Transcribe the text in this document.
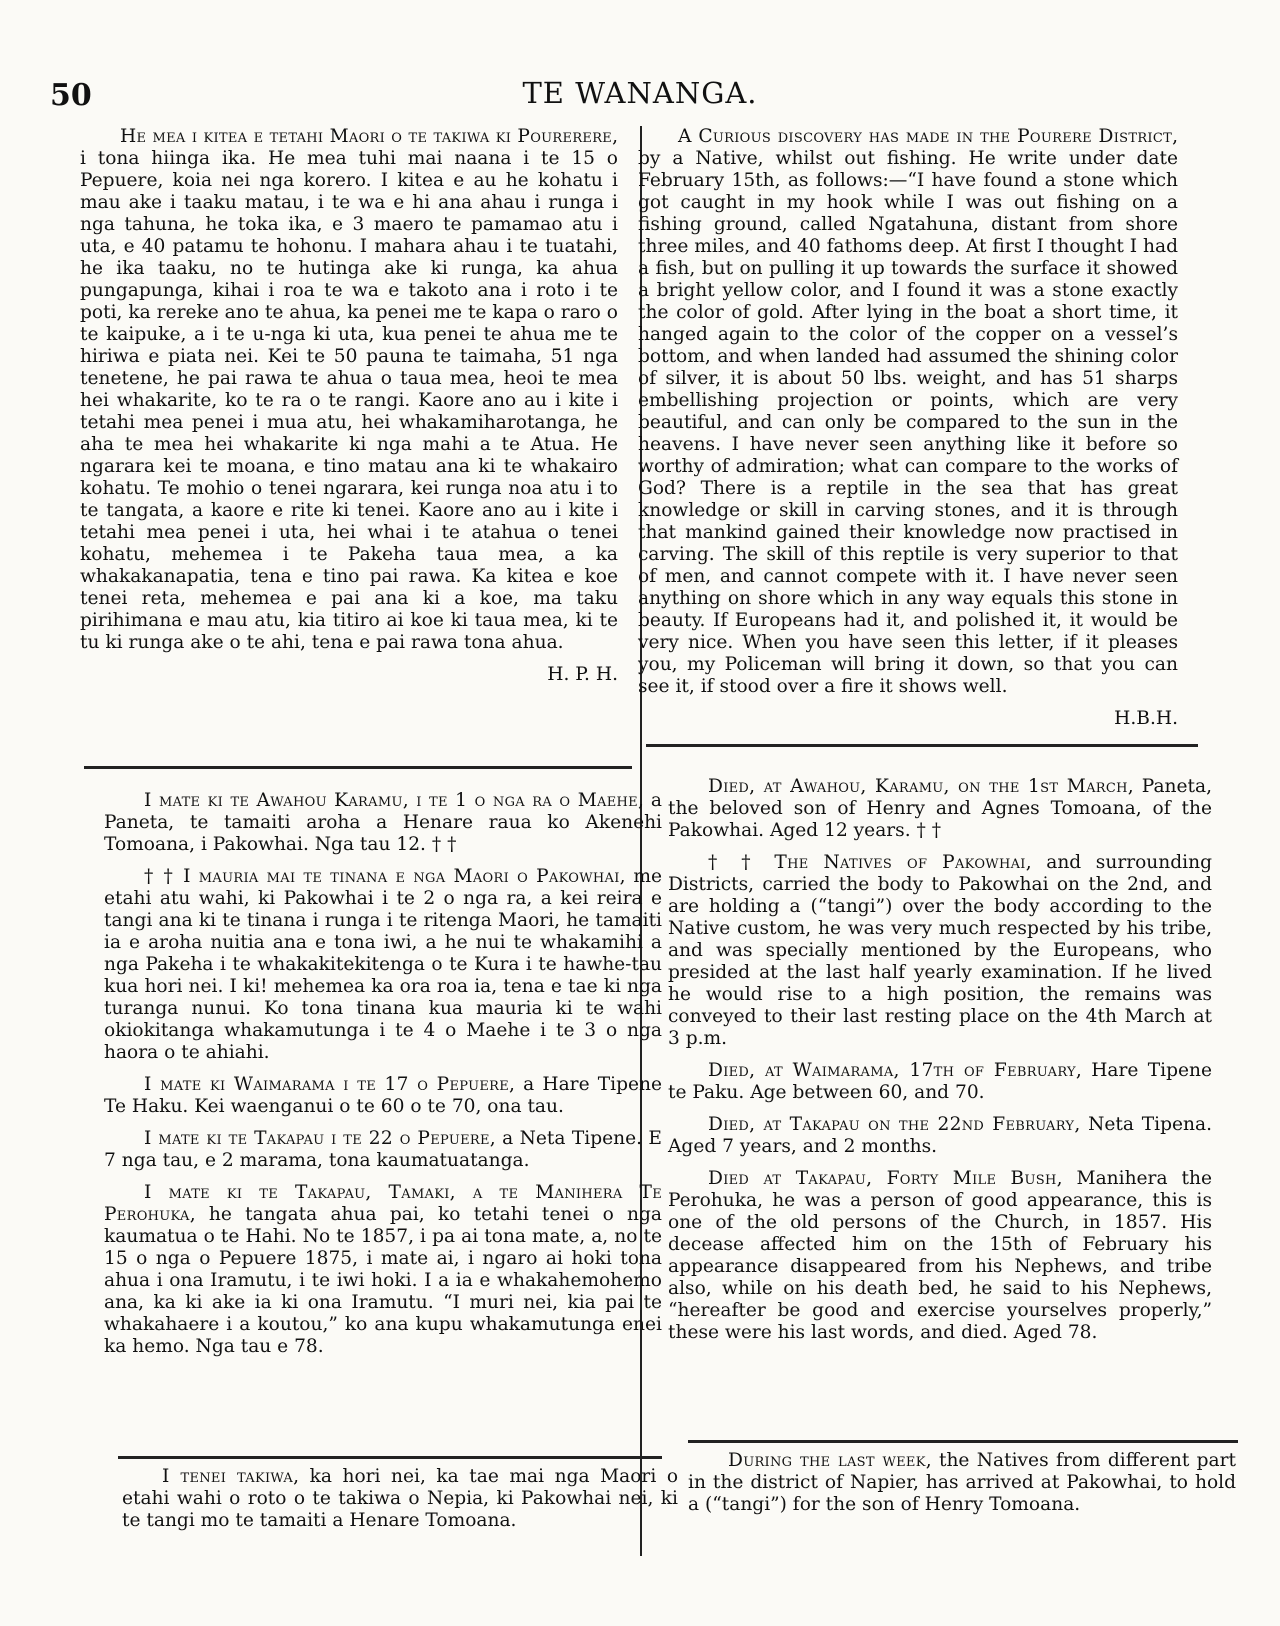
50	TE WANANGA.

He mea i kitea e tetahi Maori o te takiwa ki Pourerere, i tona hiinga ika. He mea tuhi mai naana i te 15 o Pepuere, koia nei nga korero. I kitea e au he kohatu i mau ake i taaku matau, i te wa e hi ana ahau i runga i nga tahuna, he toka ika, e 3 maero te pamamao atu i uta, e 40 patamu te hohonu. I mahara ahau i te tuatahi, he ika taaku, no te hutinga ake ki runga, ka ahua pungapunga, kihai i roa te wa e takoto ana i roto i te poti, ka rereke ano te ahua, ka penei me te kapa o raro o te kaipuke, a i te u-nga ki uta, kua penei te ahua me te hiriwa e piata nei. Kei te 50 pauna te taimaha, 51 nga tenetene, he pai rawa te ahua o taua mea, heoi te mea hei whakarite, ko te ra o te rangi. Kaore ano au i kite i tetahi mea penei i mua atu, hei whakamiharotanga, he aha te mea hei whakarite ki nga mahi a te Atua. He ngarara kei te moana, e tino matau ana ki te whakairo kohatu. Te mohio o tenei ngarara, kei runga noa atu i to te tangata, a kaore e rite ki tenei. Kaore ano au i kite i tetahi mea penei i uta, hei whai i te atahua o tenei kohatu, mehemea i te Pakeha taua mea, a ka whakakanapatia, tena e tino pai rawa. Ka kitea e koe tenei reta, mehemea e pai ana ki a koe, ma taku pirihimana e mau atu, kia titiro ai koe ki taua mea, ki te tu ki runga ake o te ahi, tena e pai rawa tona ahua.

H. P. H.

A Curious discovery has made in the Pourere District, by a Native, whilst out fishing. He write under date February 15th, as follows:—“I have found a stone which got caught in my hook while I was out fishing on a fishing ground, called Ngatahuna, distant from shore three miles, and 40 fathoms deep. At first I thought I had a fish, but on pulling it up towards the surface it showed a bright yellow color, and I found it was a stone exactly the color of gold. After lying in the boat a short time, it hanged again to the color of the copper on a vessel’s bottom, and when landed had assumed the shining color of silver, it is about 50 lbs. weight, and has 51 sharps embellishing projection or points, which are very beautiful, and can only be compared to the sun in the heavens. I have never seen anything like it before so worthy of admiration; what can compare to the works of God? There is a reptile in the sea that has great knowledge or skill in carving stones, and it is through that mankind gained their knowledge now practised in carving. The skill of this reptile is very superior to that of men, and cannot compete with it. I have never seen anything on shore which in any way equals this stone in beauty. If Europeans had it, and polished it, it would be very nice. When you have seen this letter, if it pleases you, my Policeman will bring it down, so that you can see it, if stood over a fire it shows well.

H.B.H.

I mate ki te Awahou Karamu, i te 1 o nga ra o Maehe, a Paneta, te tamaiti aroha a Henare raua ko Akenehi Tomoana, i Pakowhai. Nga tau 12. † †

† † I mauria mai te tinana e nga Maori o Pakowhai, me etahi atu wahi, ki Pakowhai i te 2 o nga ra, a kei reira e tangi ana ki te tinana i runga i te ritenga Maori, he tamaiti ia e aroha nuitia ana e tona iwi, a he nui te whakamihi a nga Pakeha i te whakakitekitenga o te Kura i te hawhe-tau kua hori nei. I ki! mehemea ka ora roa ia, tena e tae ki nga turanga nunui. Ko tona tinana kua mauria ki te wahi okiokitanga whakamutunga i te 4 o Maehe i te 3 o nga haora o te ahiahi.

I mate ki Waimarama i te 17 o Pepuere, a Hare Tipene Te Haku. Kei waenganui o te 60 o te 70, ona tau.

I mate ki te Takapau i te 22 o Pepuere, a Neta Tipene. E 7 nga tau, e 2 marama, tona kaumatuatanga.

I mate ki te Takapau, Tamaki, a te Manihera Te Perohuka, he tangata ahua pai, ko tetahi tenei o nga kaumatua o te Hahi. No te 1857, i pa ai tona mate, a, no te 15 o nga o Pepuere 1875, i mate ai, i ngaro ai hoki tona ahua i ona Iramutu, i te iwi hoki. I a ia e whakahemohemo ana, ka ki ake ia ki ona Iramutu. “I muri nei, kia pai te whakahaere i a koutou,” ko ana kupu whakamutunga enei ka hemo. Nga tau e 78.

Died, at Awahou, Karamu, on the 1st March, Paneta, the beloved son of Henry and Agnes Tomoana, of the Pakowhai. Aged 12 years. † †

† † The Natives of Pakowhai, and surrounding Districts, carried the body to Pakowhai on the 2nd, and are holding a (“tangi”) over the body according to the Native custom, he was very much respected by his tribe, and was specially mentioned by the Europeans, who presided at the last half yearly examination. If he lived he would rise to a high position, the remains was conveyed to their last resting place on the 4th March at 3 p.m.

Died, at Waimarama, 17th of February, Hare Tipene te Paku. Age between 60, and 70.

Died, at Takapau on the 22nd February, Neta Tipena. Aged 7 years, and 2 months.

Died at Takapau, Forty Mile Bush, Manihera the Perohuka, he was a person of good appearance, this is one of the old persons of the Church, in 1857. His decease affected him on the 15th of February his appearance disappeared from his Nephews, and tribe also, while on his death bed, he said to his Nephews, “hereafter be good and exercise yourselves properly,” these were his last words, and died. Aged 78.

I tenei takiwa, ka hori nei, ka tae mai nga Maori o etahi wahi o roto o te takiwa o Nepia, ki Pakowhai nei, ki te tangi mo te tamaiti a Henare Tomoana.

During the last week, the Natives from different part in the district of Napier, has arrived at Pakowhai, to hold a (“tangi”) for the son of Henry Tomoana.
